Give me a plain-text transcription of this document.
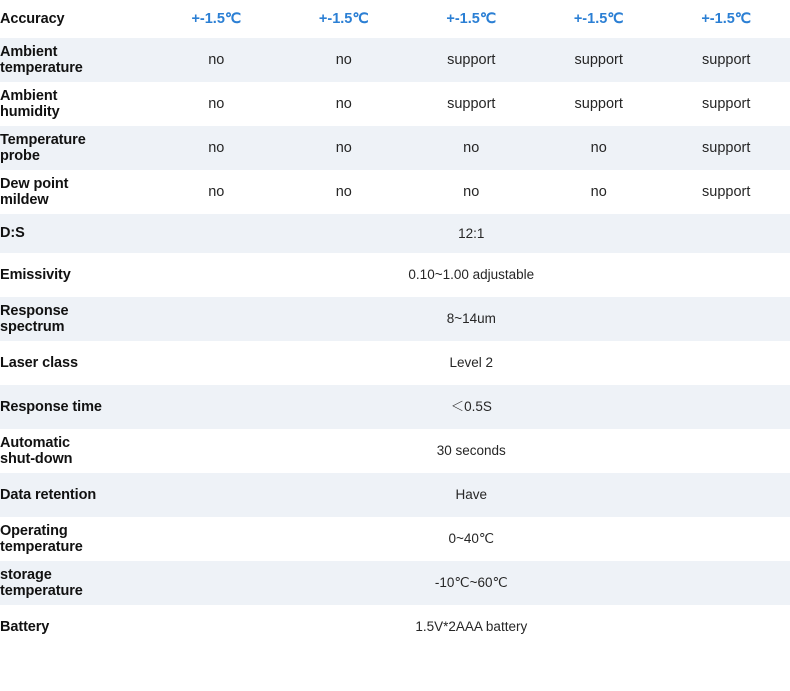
Accuracy	+-1.5℃	+-1.5℃	+-1.5℃	+-1.5℃	+-1.5℃

Ambient
temperature	no	no	support	support	support

Ambient
humidity	no	no	support	support	support

Temperature
probe	no	no	no	no	support

Dew point
mildew	no	no	no	no	support

D:S	12:1				

Emissivity	0.10~1.00 adjustable				

Response
spectrum	8~14um				

Laser class	Level 2				

Response time	＜0.5S				

Automatic
shut-down	30 seconds				

Data retention	Have				

Operating
temperature	0~40℃				

storage
temperature	-10℃~60℃				

Battery	1.5V*2AAA battery				
